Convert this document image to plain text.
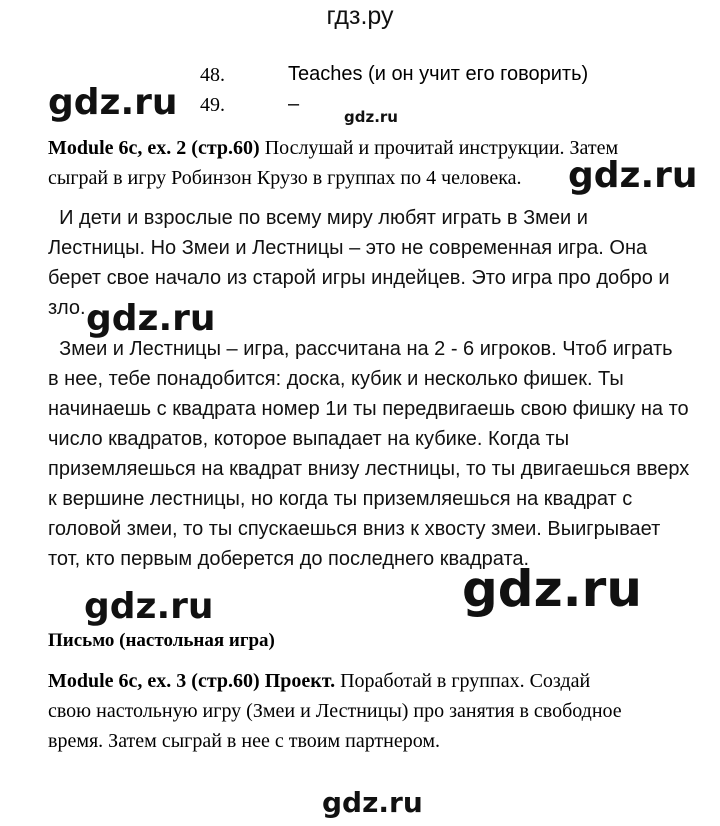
гдз.ру
48.	Teaches (и он учит его говорить)
49.	–
gdz.ru	gdz.ru
Module 6c, ex. 2 (стр.60) Послушай и прочитай инструкции. Затем
сыграй в игру Робинзон Крузо в группах по 4 человека.	gdz.ru
И дети и взрослые по всему миру любят играть в Змеи и
Лестницы. Но Змеи и Лестницы – это не современная игра. Она
берет свое начало из старой игры индейцев. Это игра про добро и
зло. gdz.ru
Змеи и Лестницы – игра, рассчитана на 2 - 6 игроков. Чтоб играть
в нее, тебе понадобится: доска, кубик и несколько фишек. Ты
начинаешь с квадрата номер 1и ты передвигаешь свою фишку на то
число квадратов, которое выпадает на кубике. Когда ты
приземляешься на квадрат внизу лестницы, то ты двигаешься вверх
к вершине лестницы, но когда ты приземляешься на квадрат с
головой змеи, то ты спускаешься вниз к хвосту змеи. Выигрывает
тот, кто первым доберется до последнего квадрата.
gdz.ru
gdz.ru
Письмо (настольная игра)
Module 6c, ex. 3 (стр.60) Проект. Поработай в группах. Создай
свою настольную игру (Змеи и Лестницы) про занятия в свободное
время. Затем сыграй в нее с твоим партнером.
gdz.ru
